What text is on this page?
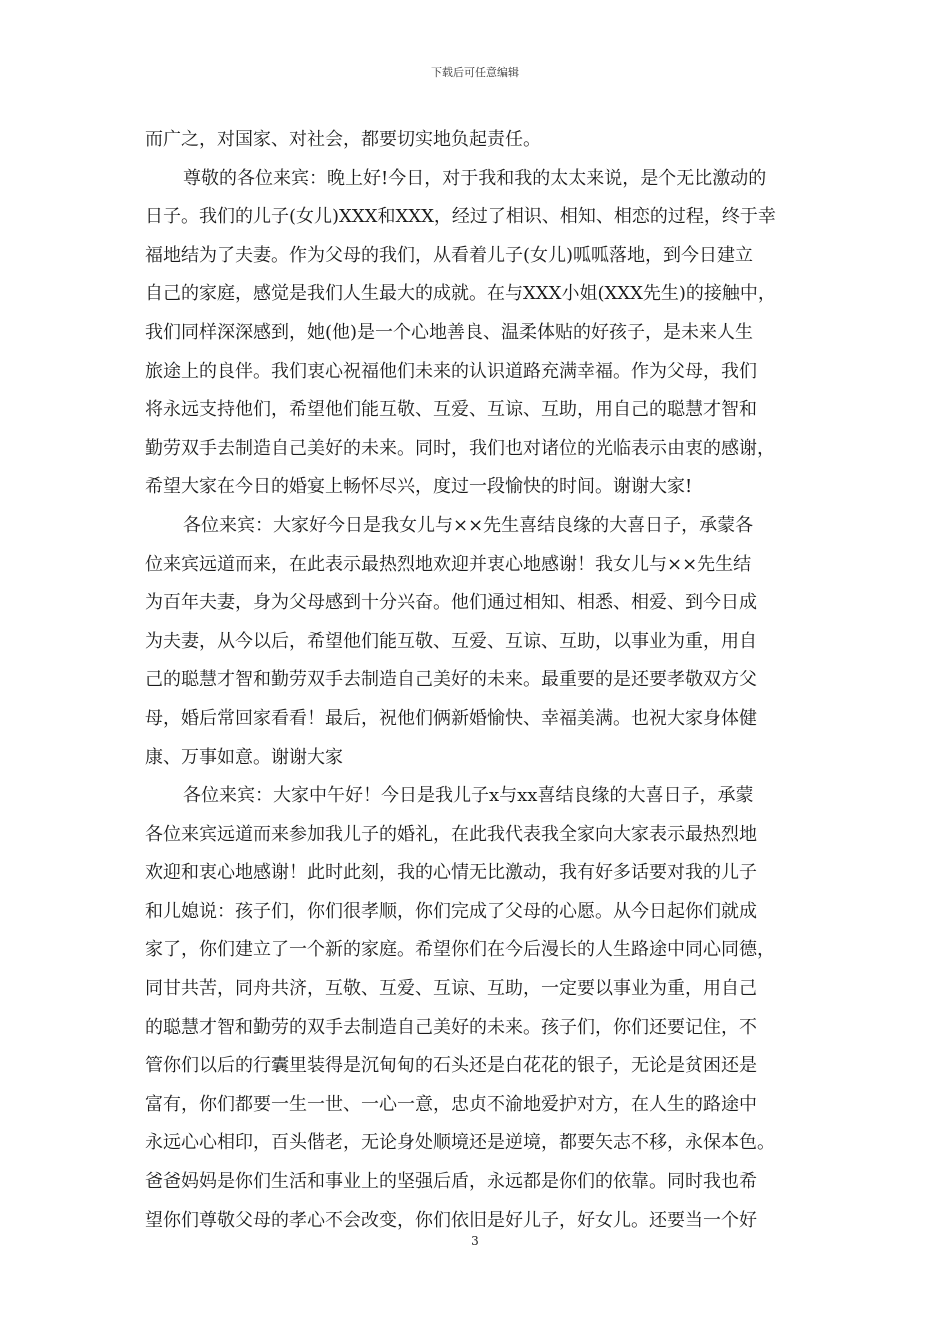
下载后可任意编辑
而广之，对国家、对社会，都要切实地负起责任。
尊敬的各位来宾：晚上好!今日，对于我和我的太太来说，是个无比激动的
日子。我们的儿子(女儿)XXX和XXX，经过了相识、相知、相恋的过程，终于幸
福地结为了夫妻。作为父母的我们，从看着儿子(女儿)呱呱落地，到今日建立
自己的家庭，感觉是我们人生最大的成就。在与XXX小姐(XXX先生)的接触中，
我们同样深深感到，她(他)是一个心地善良、温柔体贴的好孩子，是未来人生
旅途上的良伴。我们衷心祝福他们未来的认识道路充满幸福。作为父母，我们
将永远支持他们，希望他们能互敬、互爱、互谅、互助，用自己的聪慧才智和
勤劳双手去制造自己美好的未来。同时，我们也对诸位的光临表示由衷的感谢，
希望大家在今日的婚宴上畅怀尽兴，度过一段愉快的时间。谢谢大家!
各位来宾：大家好今日是我女儿与××先生喜结良缘的大喜日子，承蒙各
位来宾远道而来，在此表示最热烈地欢迎并衷心地感谢！我女儿与××先生结
为百年夫妻，身为父母感到十分兴奋。他们通过相知、相悉、相爱、到今日成
为夫妻，从今以后，希望他们能互敬、互爱、互谅、互助，以事业为重，用自
己的聪慧才智和勤劳双手去制造自己美好的未来。最重要的是还要孝敬双方父
母，婚后常回家看看！最后，祝他们俩新婚愉快、幸福美满。也祝大家身体健
康、万事如意。谢谢大家
各位来宾：大家中午好！今日是我儿子x与xx喜结良缘的大喜日子，承蒙
各位来宾远道而来参加我儿子的婚礼，在此我代表我全家向大家表示最热烈地
欢迎和衷心地感谢！此时此刻，我的心情无比激动，我有好多话要对我的儿子
和儿媳说：孩子们，你们很孝顺，你们完成了父母的心愿。从今日起你们就成
家了，你们建立了一个新的家庭。希望你们在今后漫长的人生路途中同心同德，
同甘共苦，同舟共济，互敬、互爱、互谅、互助，一定要以事业为重，用自己
的聪慧才智和勤劳的双手去制造自己美好的未来。孩子们，你们还要记住，不
管你们以后的行囊里装得是沉甸甸的石头还是白花花的银子，无论是贫困还是
富有，你们都要一生一世、一心一意，忠贞不渝地爱护对方，在人生的路途中
永远心心相印，百头偕老，无论身处顺境还是逆境，都要矢志不移，永保本色。
爸爸妈妈是你们生活和事业上的坚强后盾，永远都是你们的依靠。同时我也希
望你们尊敬父母的孝心不会改变，你们依旧是好儿子，好女儿。还要当一个好
3
